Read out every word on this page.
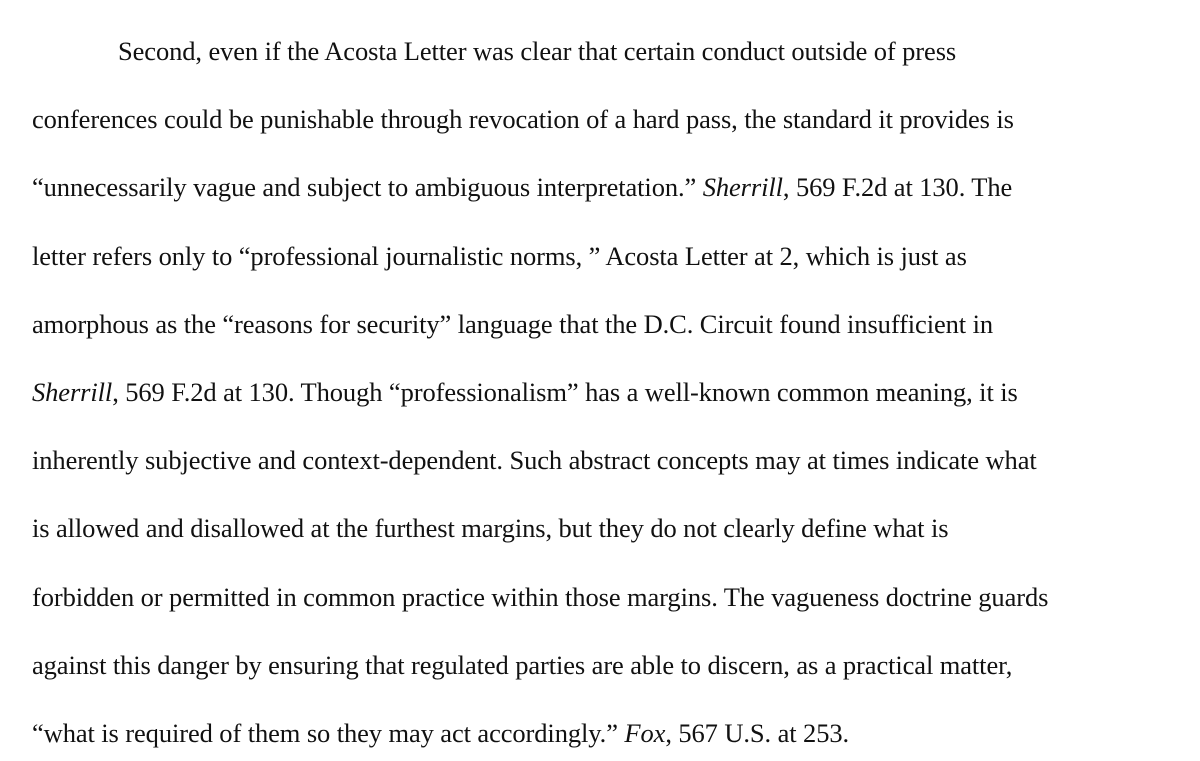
Second, even if the Acosta Letter was clear that certain conduct outside of press
conferences could be punishable through revocation of a hard pass, the standard it provides is
“unnecessarily vague and subject to ambiguous interpretation.” Sherrill, 569 F.2d at 130. The
letter refers only to “professional journalistic norms, ” Acosta Letter at 2, which is just as
amorphous as the “reasons for security” language that the D.C. Circuit found insufficient in
Sherrill, 569 F.2d at 130. Though “professionalism” has a well-known common meaning, it is
inherently subjective and context-dependent. Such abstract concepts may at times indicate what
is allowed and disallowed at the furthest margins, but they do not clearly define what is
forbidden or permitted in common practice within those margins. The vagueness doctrine guards
against this danger by ensuring that regulated parties are able to discern, as a practical matter,
“what is required of them so they may act accordingly.” Fox, 567 U.S. at 253.
